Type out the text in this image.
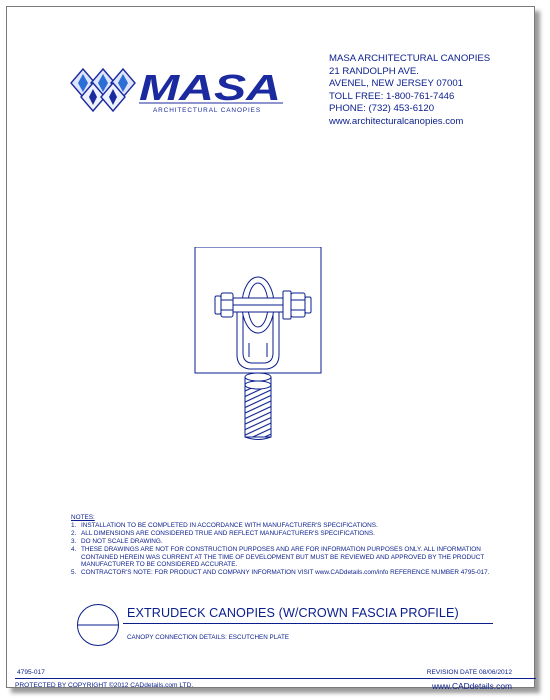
MASA
ARCHITECTURAL CANOPIES
MASA ARCHITECTURAL CANOPIES
21 RANDOLPH AVE.
AVENEL, NEW JERSEY 07001
TOLL FREE: 1-800-761-7446
PHONE: (732) 453-6120
www.architecturalcanopies.com
NOTES:
1. INSTALLATION TO BE COMPLETED IN ACCORDANCE WITH MANUFACTURER'S SPECIFICATIONS.
2. ALL DIMENSIONS ARE CONSIDERED TRUE AND REFLECT MANUFACTURER'S SPECIFICATIONS.
3. DO NOT SCALE DRAWING.
4. THESE DRAWINGS ARE NOT FOR CONSTRUCTION PURPOSES AND ARE FOR INFORMATION PURPOSES ONLY. ALL INFORMATION CONTAINED HEREIN WAS CURRENT AT THE TIME OF DEVELOPMENT BUT MUST BE REVIEWED AND APPROVED BY THE PRODUCT MANUFACTURER TO BE CONSIDERED ACCURATE.
5. CONTRACTOR'S NOTE: FOR PRODUCT AND COMPANY INFORMATION VISIT www.CADdetails.com/info REFERENCE NUMBER 4795-017.
EXTRUDECK CANOPIES (W/CROWN FASCIA PROFILE)
CANOPY CONNECTION DETAILS: ESCUTCHEN PLATE
4795-017	REVISION DATE 08/06/2012
PROTECTED BY COPYRIGHT ©2012 CADdetails.com LTD.	www.CADdetails.com
